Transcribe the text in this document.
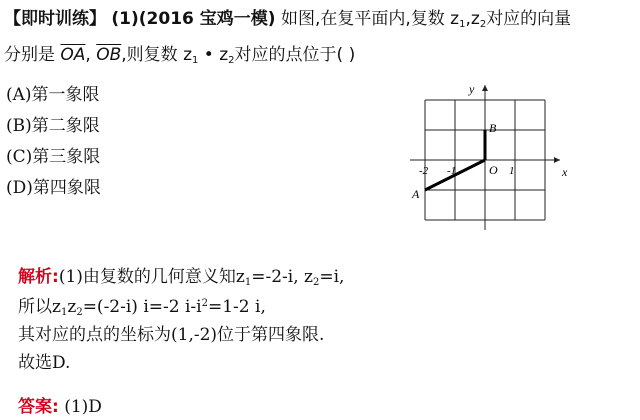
【即时训练】 (1)(2016 宝鸡一模) 如图,在复平面内,复数 $z_1,z_2$对应的向量
分别是 $\overline{OA}$, $\overline{OB}$,则复数 $z_1$ • $z_2$对应的点位于( )
(A)第一象限
(B)第二象限
(C)第三象限
(D)第四象限
x
y
O
-2 -1	1
A
B
解析:(1)由复数的几何意义知$z_1=-2-i$, $z_2=i$,
所以$z_1z_2=(-2-i)$ i=-2 $i-i^2=1-2$ i,
其对应的点的坐标为(1,-2)位于第四象限.
故选D.
答案: (1)D
